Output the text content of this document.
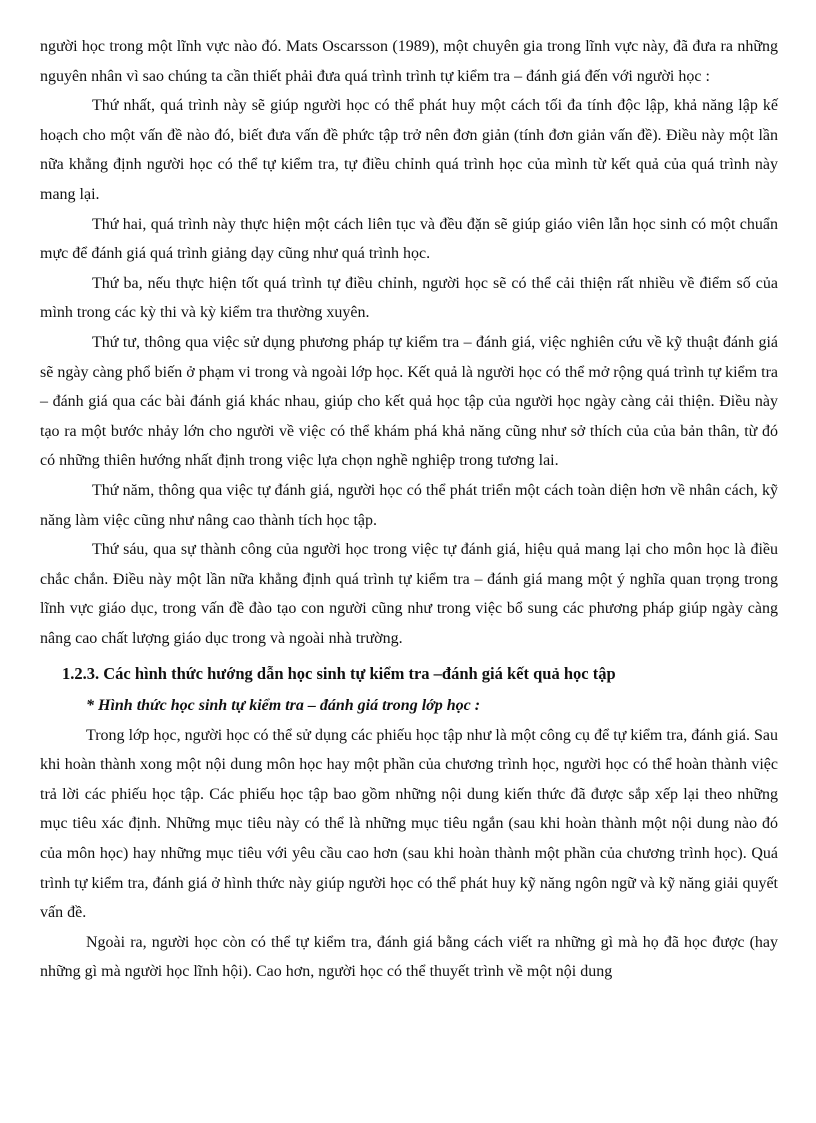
người học trong một lĩnh vực nào đó. Mats Oscarsson (1989), một chuyên gia trong lĩnh vực này, đã đưa ra những nguyên nhân vì sao chúng ta cần thiết phải đưa quá trình trình tự kiểm tra – đánh giá đến với người học :

Thứ nhất, quá trình này sẽ giúp người học có thể phát huy một cách tối đa tính độc lập, khả năng lập kế hoạch cho một vấn đề nào đó, biết đưa vấn đề phức tập trở nên đơn giản (tính đơn giản vấn đề). Điều này một lần nữa khẳng định người học có thể tự kiểm tra, tự điều chỉnh quá trình học của mình từ kết quả của quá trình này mang lại.

Thứ hai, quá trình này thực hiện một cách liên tục và đều đặn sẽ giúp giáo viên lẫn học sinh có một chuẩn mực để đánh giá quá trình giảng dạy cũng như quá trình học.

Thứ ba, nếu thực hiện tốt quá trình tự điều chỉnh, người học sẽ có thể cải thiện rất nhiều về điểm số của mình trong các kỳ thi và kỳ kiểm tra thường xuyên.

Thứ tư, thông qua việc sử dụng phương pháp tự kiểm tra – đánh giá, việc nghiên cứu về kỹ thuật đánh giá sẽ ngày càng phổ biến ở phạm vi trong và ngoài lớp học. Kết quả là người học có thể mở rộng quá trình tự kiểm tra – đánh giá qua các bài đánh giá khác nhau, giúp cho kết quả học tập của người học ngày càng cải thiện. Điều này tạo ra một bước nhảy lớn cho người về việc có thể khám phá khả năng cũng như sở thích của của bản thân, từ đó có những thiên hướng nhất định trong việc lựa chọn nghề nghiệp trong tương lai.

Thứ năm, thông qua việc tự đánh giá, người học có thể phát triển một cách toàn diện hơn về nhân cách, kỹ năng làm việc cũng như nâng cao thành tích học tập.

Thứ sáu, qua sự thành công của người học trong việc tự đánh giá, hiệu quả mang lại cho môn học là điều chắc chắn. Điều này một lần nữa khẳng định quá trình tự kiểm tra – đánh giá mang một ý nghĩa quan trọng trong lĩnh vực giáo dục, trong vấn đề đào tạo con người cũng như trong việc bổ sung các phương pháp giúp ngày càng nâng cao chất lượng giáo dục trong và ngoài nhà trường.

1.2.3. Các hình thức hướng dẫn học sinh tự kiểm tra –đánh giá kết quả học tập
* Hình thức học sinh tự kiểm tra – đánh giá trong lớp học :

Trong lớp học, người học có thể sử dụng các phiếu học tập như là một công cụ để tự kiểm tra, đánh giá. Sau khi hoàn thành xong một nội dung môn học hay một phần của chương trình học, người học có thể hoàn thành việc trả lời các phiếu học tập. Các phiếu học tập bao gồm những nội dung kiến thức đã được sắp xếp lại theo những mục tiêu xác định. Những mục tiêu này có thể là những mục tiêu ngắn (sau khi hoàn thành một nội dung nào đó của môn học) hay những mục tiêu với yêu cầu cao hơn (sau khi hoàn thành một phần của chương trình học). Quá trình tự kiểm tra, đánh giá ở hình thức này giúp người học có thể phát huy kỹ năng ngôn ngữ và kỹ năng giải quyết vấn đề.

Ngoài ra, người học còn có thể tự kiểm tra, đánh giá bằng cách viết ra những gì mà họ đã học được (hay những gì mà người học lĩnh hội). Cao hơn, người học có thể thuyết trình về một nội dung
